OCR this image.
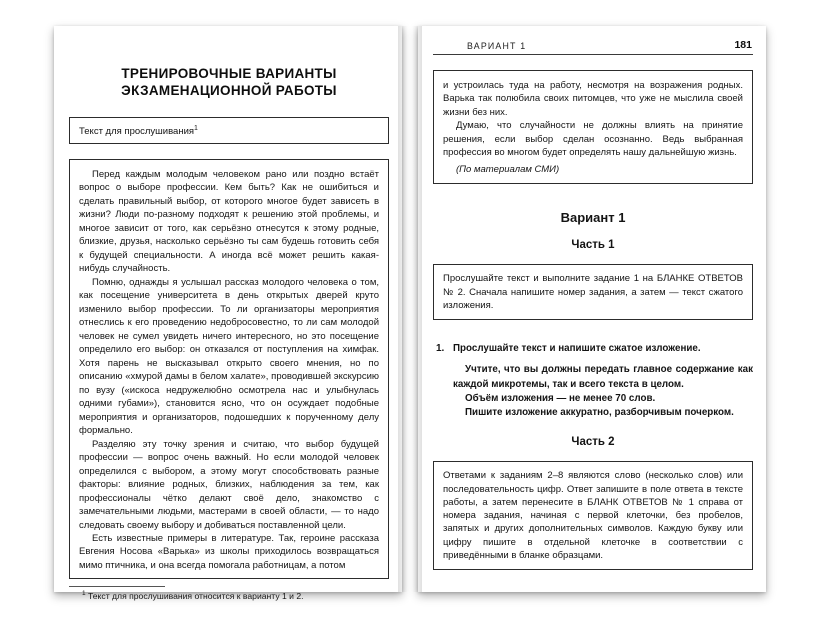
ТРЕНИРОВОЧНЫЕ ВАРИАНТЫ
ЭКЗАМЕНАЦИОННОЙ РАБОТЫ
Текст для прослушивания$^1$

Перед каждым молодым человеком рано или поздно встаёт вопрос о выборе профессии. Кем быть? Как не ошибиться и сделать правильный выбор, от которого многое будет зависеть в жизни? Люди по-разному подходят к решению этой проблемы, и многое зависит от того, как серьёзно отнесутся к этому родные, близкие, друзья, насколько серьёзно ты сам будешь готовить себя к будущей специальности. А иногда всё может решить какая-нибудь случайность.

Помню, однажды я услышал рассказ молодого человека о том, как посещение университета в день открытых дверей круто изменило выбор профессии. То ли организаторы мероприятия отнеслись к его проведению недобросовестно, то ли сам молодой человек не сумел увидеть ничего интересного, но это посещение определило его выбор: он отказался от поступления на химфак. Хотя парень не высказывал открыто своего мнения, но по описанию «хмурой дамы в белом халате», проводившей экскурсию по вузу («искоса недружелюбно осмотрела нас и улыбнулась одними губами»), становится ясно, что он осуждает подобные мероприятия и организаторов, подошедших к порученному делу формально.

Разделяю эту точку зрения и считаю, что выбор будущей профессии — вопрос очень важный. Но если молодой человек определился с выбором, а этому могут способствовать разные факторы: влияние родных, близких, наблюдения за тем, как профессионалы чётко делают своё дело, знакомство с замечательными людьми, мастерами в своей области, — то надо следовать своему выбору и добиваться поставленной цели.

Есть известные примеры в литературе. Так, героине рассказа Евгения Носова «Варька» из школы приходилось возвращаться мимо птичника, и она всегда помогала работницам, а потом

$^1$ Текст для прослушивания относится к варианту 1 и 2.

ВАРИАНТ 1	181

и устроилась туда на работу, несмотря на возражения родных. Варька так полюбила своих питомцев, что уже не мыслила своей жизни без них.

Думаю, что случайности не должны влиять на принятие решения, если выбор сделан осознанно. Ведь выбранная профессия во многом будет определять нашу дальнейшую жизнь.

(По материалам СМИ)

Вариант 1
Часть 1
Прослушайте текст и выполните задание 1 на БЛАНКЕ ОТВЕТОВ № 2. Сначала напишите номер задания, а затем — текст сжатого изложения.
1. Прослушайте текст и напишите сжатое изложение.

Учтите, что вы должны передать главное содержание как каждой микротемы, так и всего текста в целом.

Объём изложения — не менее 70 слов.

Пишите изложение аккуратно, разборчивым почерком.

Часть 2
Ответами к заданиям 2–8 являются слово (несколько слов) или последовательность цифр. Ответ запишите в поле ответа в тексте работы, а затем перенесите в БЛАНК ОТВЕТОВ № 1 справа от номера задания, начиная с первой клеточки, без пробелов, запятых и других дополнительных символов. Каждую букву или цифру пишите в отдельной клеточке в соответствии с приведёнными в бланке образцами.
